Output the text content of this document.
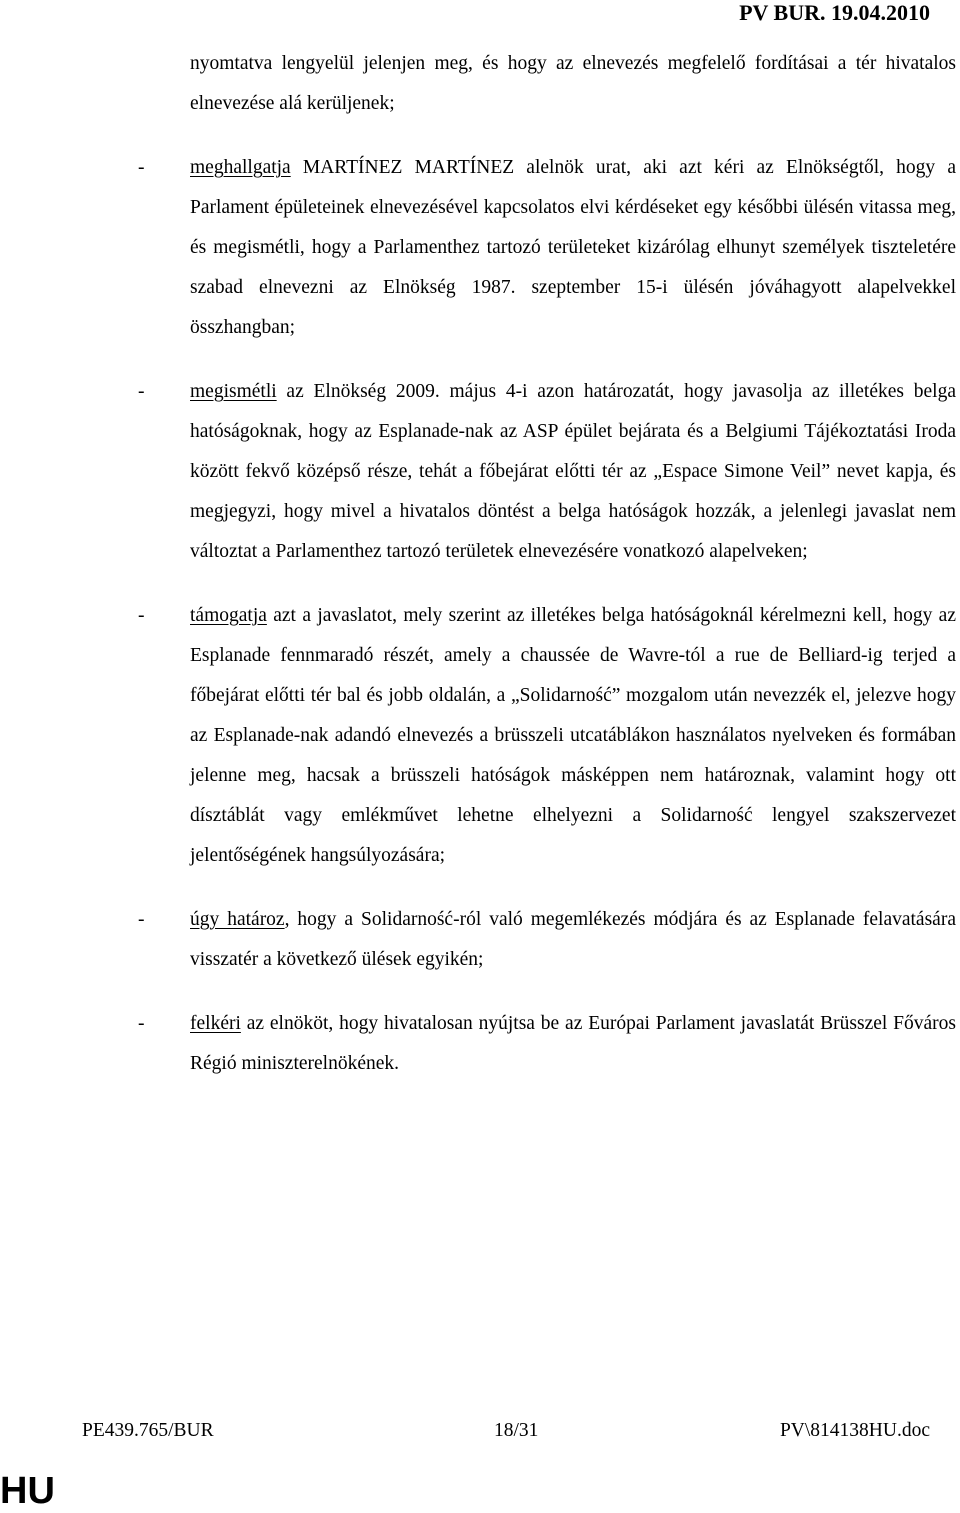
PV BUR. 19.04.2010

nyomtatva lengyelül jelenjen meg, és hogy az elnevezés megfelelő fordításai a tér hivatalos elnevezése alá kerüljenek;

- meghallgatja MARTÍNEZ MARTÍNEZ alelnök urat, aki azt kéri az Elnökségtől, hogy a Parlament épületeinek elnevezésével kapcsolatos elvi kérdéseket egy későbbi ülésén vitassa meg, és megismétli, hogy a Parlamenthez tartozó területeket kizárólag elhunyt személyek tiszteletére szabad elnevezni az Elnökség 1987. szeptember 15-i ülésén jóváhagyott alapelvekkel összhangban;

- megismétli az Elnökség 2009. május 4-i azon határozatát, hogy javasolja az illetékes belga hatóságoknak, hogy az Esplanade-nak az ASP épület bejárata és a Belgiumi Tájékoztatási Iroda között fekvő középső része, tehát a főbejárat előtti tér az „Espace Simone Veil” nevet kapja, és megjegyzi, hogy mivel a hivatalos döntést a belga hatóságok hozzák, a jelenlegi javaslat nem változtat a Parlamenthez tartozó területek elnevezésére vonatkozó alapelveken;

- támogatja azt a javaslatot, mely szerint az illetékes belga hatóságoknál kérelmezni kell, hogy az Esplanade fennmaradó részét, amely a chaussée de Wavre-tól a rue de Belliard-ig terjed a főbejárat előtti tér bal és jobb oldalán, a „Solidarność” mozgalom után nevezzék el, jelezve hogy az Esplanade-nak adandó elnevezés a brüsszeli utcatáblákon használatos nyelveken és formában jelenne meg, hacsak a brüsszeli hatóságok másképpen nem határoznak, valamint hogy ott dísztáblát vagy emlékművet lehetne elhelyezni a Solidarność lengyel szakszervezet jelentőségének hangsúlyozására;

- úgy határoz, hogy a Solidarność-ról való megemlékezés módjára és az Esplanade felavatására visszatér a következő ülések egyikén;

- felkéri az elnököt, hogy hivatalosan nyújtsa be az Európai Parlament javaslatát Brüsszel Főváros Régió miniszterelnökének.

PE439.765/BUR	18/31	PV\814138HU.doc
HU
